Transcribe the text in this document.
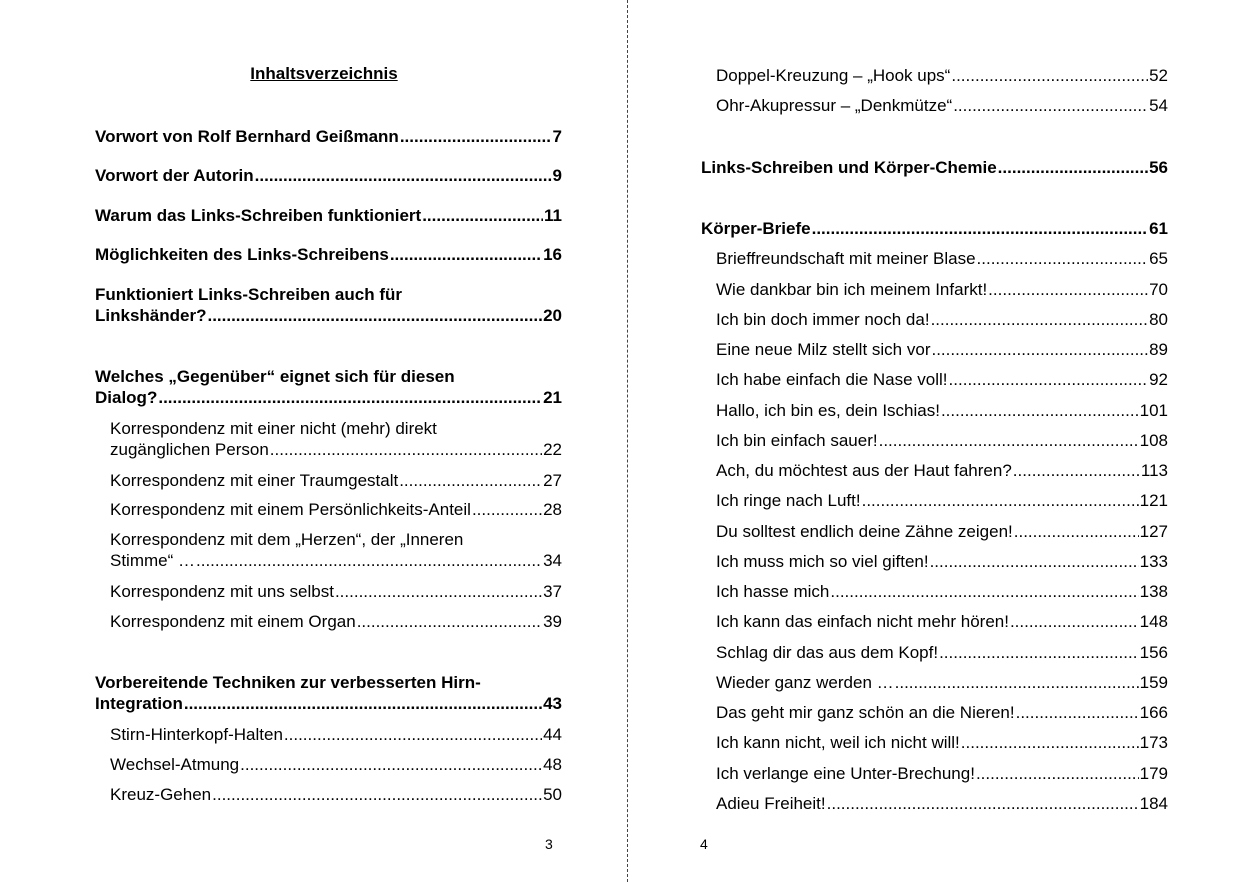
Inhaltsverzeichnis
Vorwort von Rolf Bernhard Geißmann .....	7
Vorwort der Autorin .....	9
Warum das Links-Schreiben funktioniert .....	11
Möglichkeiten des Links-Schreibens .....	16
Funktioniert Links-Schreiben auch für
Linkshänder? .....	20
Welches „Gegenüber“ eignet sich für diesen
Dialog? .....	21
Korrespondenz mit einer nicht (mehr) direkt
zugänglichen Person .....	22
Korrespondenz mit einer Traumgestalt .....	27
Korrespondenz mit einem Persönlichkeits-Anteil .....	28
Korrespondenz mit dem „Herzen“, der „Inneren
Stimme“ … .....	34
Korrespondenz mit uns selbst .....	37
Korrespondenz mit einem Organ .....	39
Vorbereitende Techniken zur verbesserten Hirn-
Integration .....	43
Stirn-Hinterkopf-Halten .....	44
Wechsel-Atmung .....	48
Kreuz-Gehen .....	50
3
Doppel-Kreuzung – „Hook ups“ .....	52
Ohr-Akupressur – „Denkmütze“ .....	54
Links-Schreiben und Körper-Chemie .....	56
Körper-Briefe .....	61
Brieffreundschaft mit meiner Blase .....	65
Wie dankbar bin ich meinem Infarkt! .....	70
Ich bin doch immer noch da! .....	80
Eine neue Milz stellt sich vor .....	89
Ich habe einfach die Nase voll! .....	92
Hallo, ich bin es, dein Ischias! .....	101
Ich bin einfach sauer! .....	108
Ach, du möchtest aus der Haut fahren? .....	113
Ich ringe nach Luft! .....	121
Du solltest endlich deine Zähne zeigen! .....	127
Ich muss mich so viel giften! .....	133
Ich hasse mich .....	138
Ich kann das einfach nicht mehr hören! .....	148
Schlag dir das aus dem Kopf! .....	156
Wieder ganz werden … .....	159
Das geht mir ganz schön an die Nieren! .....	166
Ich kann nicht, weil ich nicht will! .....	173
Ich verlange eine Unter-Brechung! .....	179
Adieu Freiheit! .....	184
4
